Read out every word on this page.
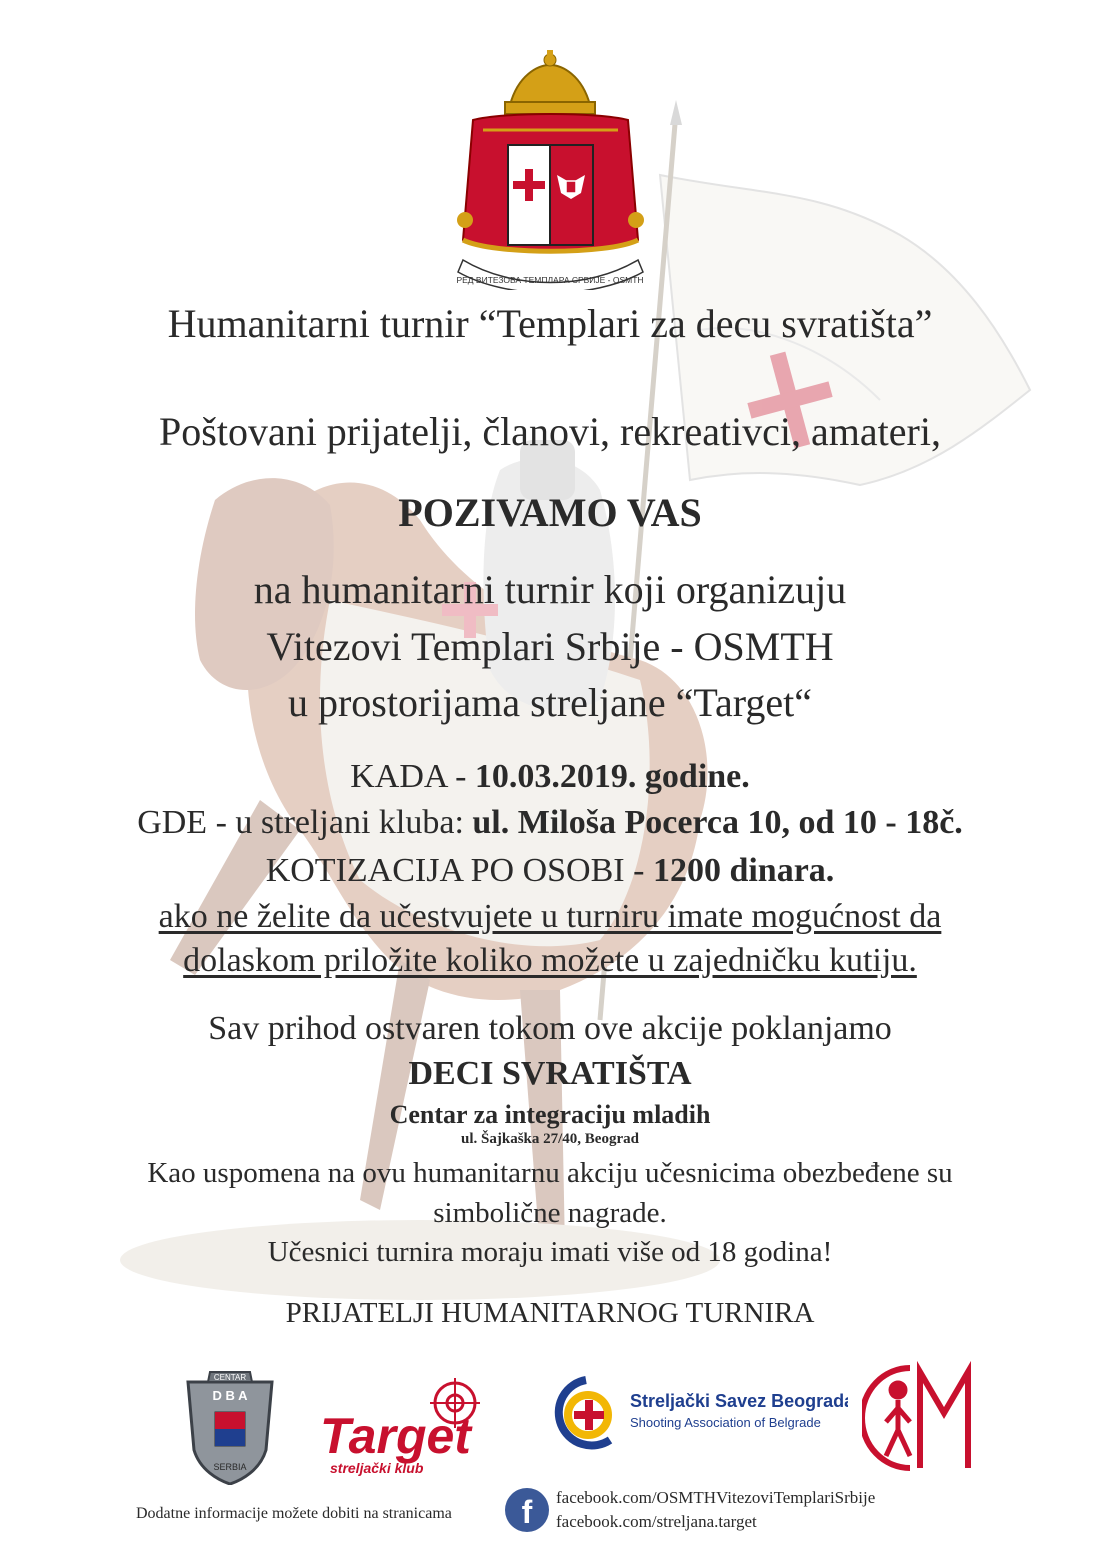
РЕД ВИТЕЗОВА ТЕМПЛАРА СРБИЈЕ - OSMTH
Humanitarni turnir “Templari za decu svratišta”
Poštovani prijatelji, članovi, rekreativci, amateri,
POZIVAMO VAS
na humanitarni turnir koji organizuju
Vitezovi Templari Srbije - OSMTH
u prostorijama streljane “Target“
KADA - 10.03.2019. godine.
GDE - u streljani kluba: ul. Miloša Pocerca 10, od 10 - 18č.
KOTIZACIJA PO OSOBI - 1200 dinara.
ako ne želite da učestvujete u turniru imate mogućnost da
dolaskom priložite koliko možete u zajedničku kutiju.
Sav prihod ostvaren tokom ove akcije poklanjamo
DECI SVRATIŠTA
Centar za integraciju mladih
ul. Šajkaška 27/40, Beograd
Kao uspomena na ovu humanitarnu akciju učesnicima obezbeđene su
simbolične nagrade.
Učesnici turnira moraju imati više od 18 godina!
PRIJATELJI HUMANITARNOG TURNIRA
CENTAR
D B A
SERBIA
Target
streljački klub
Streljački Savez Beograda
Shooting Association of Belgrade
Dodatne informacije možete dobiti na stranicama	f	facebook.com/OSMTHVitezoviTemplariSrbije
facebook.com/streljana.target
